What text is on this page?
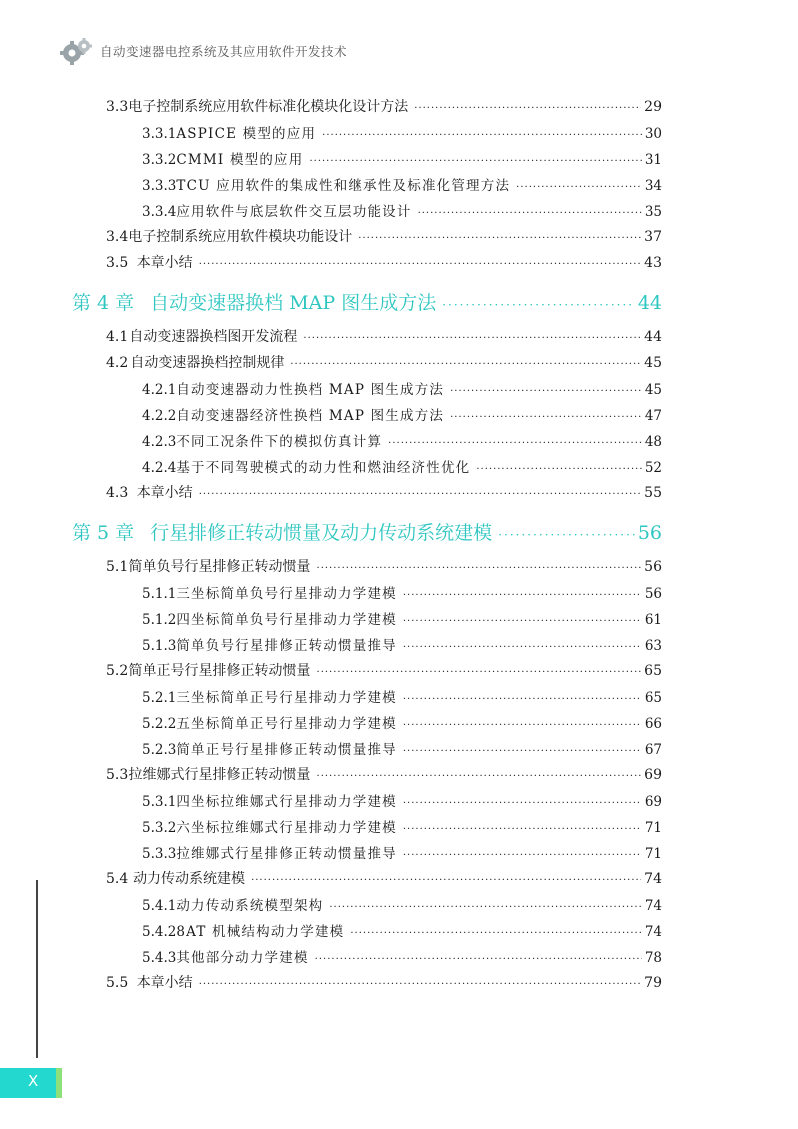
自动变速器电控系统及其应用软件开发技术
3.3 电子控制系统应用软件标准化模块化设计方法 ·····	29
3.3.1 ASPICE 模型的应用 ·····	30
3.3.2 CMMI 模型的应用 ·····	31
3.3.3 TCU 应用软件的集成性和继承性及标准化管理方法 ·····	34
3.3.4 应用软件与底层软件交互层功能设计 ·····	35
3.4 电子控制系统应用软件模块功能设计 ·····	37
3.5 本章小结 ·····	43
第 4 章 自动变速器换档 MAP 图生成方法 ·····	44
4.1 自动变速器换档图开发流程 ·····	44
4.2 自动变速器换档控制规律 ·····	45
4.2.1 自动变速器动力性换档 MAP 图生成方法 ·····	45
4.2.2 自动变速器经济性换档 MAP 图生成方法 ·····	47
4.2.3 不同工况条件下的模拟仿真计算 ·····	48
4.2.4 基于不同驾驶模式的动力性和燃油经济性优化 ·····	52
4.3 本章小结 ·····	55
第 5 章 行星排修正转动惯量及动力传动系统建模 ·····	56
5.1 简单负号行星排修正转动惯量 ·····	56
5.1.1 三坐标简单负号行星排动力学建模 ·····	56
5.1.2 四坐标简单负号行星排动力学建模 ·····	61
5.1.3 简单负号行星排修正转动惯量推导 ·····	63
5.2 简单正号行星排修正转动惯量 ·····	65
5.2.1 三坐标简单正号行星排动力学建模 ·····	65
5.2.2 五坐标简单正号行星排动力学建模 ·····	66
5.2.3 简单正号行星排修正转动惯量推导 ·····	67
5.3 拉维娜式行星排修正转动惯量 ·····	69
5.3.1 四坐标拉维娜式行星排动力学建模 ·····	69
5.3.2 六坐标拉维娜式行星排动力学建模 ·····	71
5.3.3 拉维娜式行星排修正转动惯量推导 ·····	71
5.4 动力传动系统建模 ·····	74
5.4.1 动力传动系统模型架构 ·····	74
5.4.2 8AT 机械结构动力学建模 ·····	74
5.4.3 其他部分动力学建模 ·····	78
5.5 本章小结 ·····	79
X
